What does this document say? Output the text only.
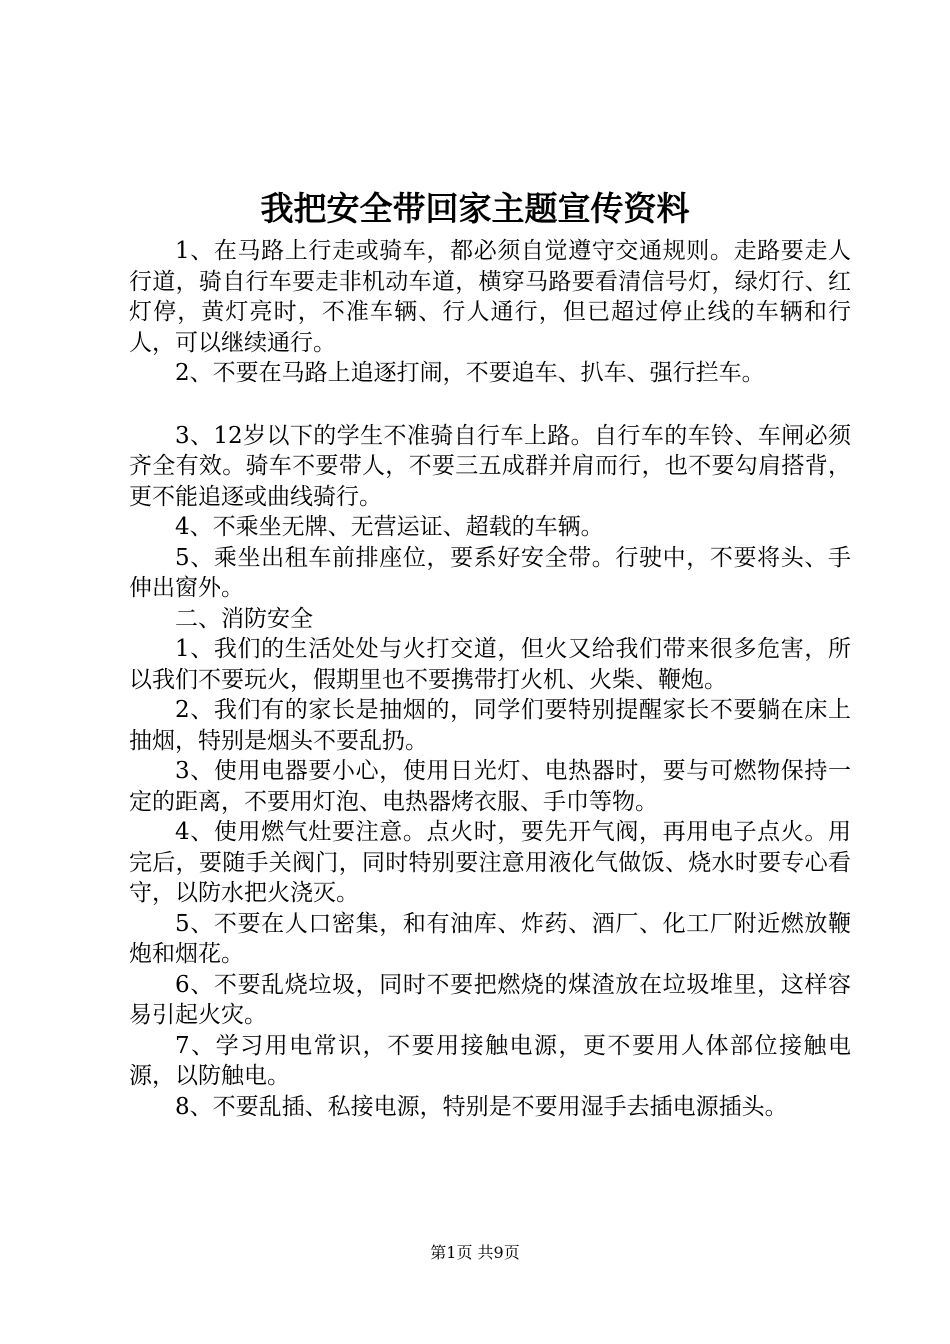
我把安全带回家主题宣传资料

1、在马路上行走或骑车，都必须自觉遵守交通规则。走路要走人行道，骑自行车要走非机动车道，横穿马路要看清信号灯，绿灯行、红灯停，黄灯亮时，不准车辆、行人通行，但已超过停止线的车辆和行人，可以继续通行。

2、不要在马路上追逐打闹，不要追车、扒车、强行拦车。

3、12岁以下的学生不准骑自行车上路。自行车的车铃、车闸必须齐全有效。骑车不要带人，不要三五成群并肩而行，也不要勾肩搭背，更不能追逐或曲线骑行。

4、不乘坐无牌、无营运证、超载的车辆。

5、乘坐出租车前排座位，要系好安全带。行驶中，不要将头、手伸出窗外。

二、消防安全

1、我们的生活处处与火打交道，但火又给我们带来很多危害，所以我们不要玩火，假期里也不要携带打火机、火柴、鞭炮。

2、我们有的家长是抽烟的，同学们要特别提醒家长不要躺在床上抽烟，特别是烟头不要乱扔。

3、使用电器要小心，使用日光灯、电热器时，要与可燃物保持一定的距离，不要用灯泡、电热器烤衣服、手巾等物。

4、使用燃气灶要注意。点火时，要先开气阀，再用电子点火。用完后，要随手关阀门，同时特别要注意用液化气做饭、烧水时要专心看守，以防水把火浇灭。

5、不要在人口密集，和有油库、炸药、酒厂、化工厂附近燃放鞭炮和烟花。

6、不要乱烧垃圾，同时不要把燃烧的煤渣放在垃圾堆里，这样容易引起火灾。

7、学习用电常识，不要用接触电源，更不要用人体部位接触电源，以防触电。

8、不要乱插、私接电源，特别是不要用湿手去插电源插头。

第1页 共9页
